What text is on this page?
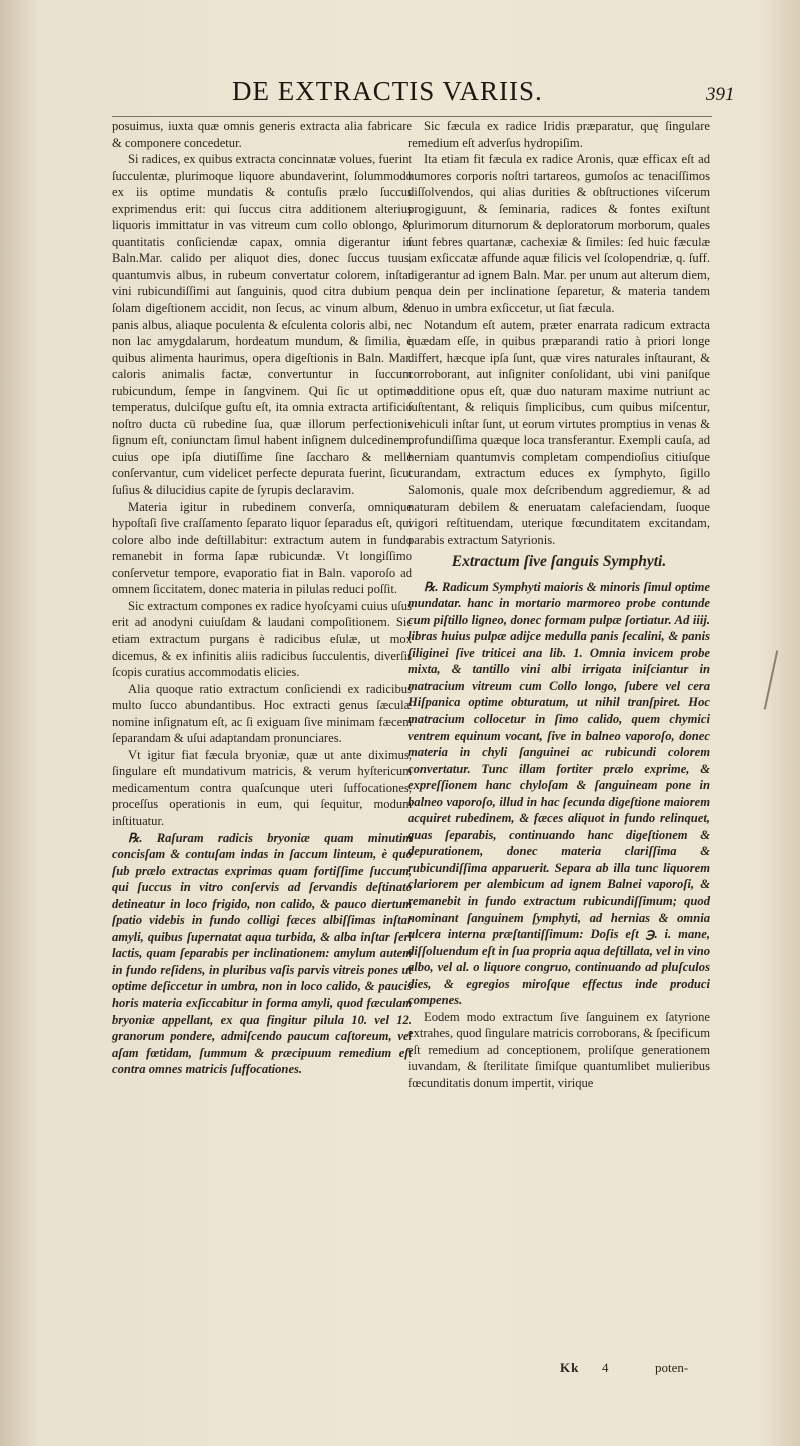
DE EXTRACTIS VARIIS.	391

posuimus, iuxta quæ omnis generis extracta alia fabricare & componere concedetur.

Si radices, ex quibus extracta concinnatæ volues, fuerint ſucculentæ, plurimoque liquore abundaverint, ſolummodo ex iis optime mundatis & contuſis prælo ſuccus exprimendus erit: qui ſuccus citra additionem alterius liquoris immittatur in vas vitreum cum collo oblongo, & quantitatis conſiciendæ capax, omnia digerantur in Baln.Mar. calido per aliquot dies, donec ſuccus tuus, quantumvis albus, in rubeum convertatur colorem, inſtar vini rubicundiſſimi aut ſanguinis, quod citra dubium per ſolam digeſtionem accidit, non ſecus, ac vinum album, & panis albus, aliaque poculenta & eſculenta coloris albi, nec non lac amygdalarum, hordeatum mundum, & ſimilia, è quibus alimenta haurimus, opera digeſtionis in Baln. Mar. caloris animalis factæ, convertuntur in ſuccum rubicundum, ſempe in ſangvinem. Qui ſic ut optime temperatus, dulciſque guſtu eſt, ita omnia extracta artificio noſtro ducta cū rubedine ſua, quæ illorum perfectionis ſignum eſt, coniunctam ſimul habent inſignem dulcedinem, cuius ope ipſa diutiſſime ſine ſaccharo & melle conſervantur, cum videlicet perfecte depurata fuerint, ſicut ſuſius & dilucidius capite de ſyrupis declaravim.

Materia igitur in rubedinem converſa, omnique hypoſtaſi ſive craſſamento ſeparato liquor ſeparadus eſt, qui colore albo inde deſtillabitur: extractum autem in fundo remanebit in forma ſapæ rubicundæ. Vt longiſſimo conſervetur tempore, evaporatio fiat in Baln. vaporoſo ad omnem ſiccitatem, donec materia in pilulas reduci poſſit.

Sic extractum compones ex radice hyoſcyami cuius uſus erit ad anodyni cuiuſdam & laudani compoſitionem. Sic etiam extractum purgans è radicibus eſulæ, ut mox dicemus, & ex infinitis aliis radicibus ſucculentis, diverſis ſcopis curatius accommodatis elicies.

Alia quoque ratio extractum conſiciendi ex radicibus multo ſucco abundantibus. Hoc extracti genus ſæculæ nomine inſignatum eſt, ac ſi exiguam ſive minimam fæcem ſeparandam & uſui adaptandam pronunciares.

Vt igitur fiat fæcula bryoniæ, quæ ut ante diximus, ſingulare eſt mundativum matricis, & verum hyſtericum medicamentum contra quaſcunque uteri ſuffocationes, proceſſus operationis in eum, qui ſequitur, modum inſtituatur.

℞. Raſuram radicis bryoniæ quam minutim concisſam & contuſam indas in ſaccum linteum, è quo ſub prælo extractas exprimas quam fortiſſime ſuccum, qui ſuccus in vitro conſervis ad ſervandis deſtinato detineatur in loco frigido, non calido, & pauco diertum ſpatio videbis in fundo colligi fæces albiſſimas inſtar amyli, quibus ſupernatat aqua turbida, & alba inſtar ſeri lactis, quam ſeparabis per inclinationem: amylum autem in fundo reſidens, in pluribus vaſis parvis vitreis pones ut optime deſiccetur in umbra, non in loco calido, & paucis horis materia exſiccabitur in forma amyli, quod fæculam bryoniæ appellant, ex qua fingitur pilula 10. vel 12. granorum pondere, admiſcendo paucum caſtoreum, vel aſam fœtidam, ſummum & præcipuum remedium eſt contra omnes matricis ſuffocationes.

Sic fæcula ex radice Iridis præparatur, quę ſingulare remedium eſt adverſus hydropiſim.

Ita etiam fit fæcula ex radice Aronis, quæ efficax eſt ad humores corporis noſtri tartareos, gumoſos ac tenaciſſimos diſſolvendos, qui alias durities & obſtructiones viſcerum progiguunt, & ſeminaria, radices & fontes exiſtunt plurimorum diturnorum & deploratorum morborum, quales ſunt febres quartanæ, cachexiæ & ſimiles: ſed huic fæculæ iam exſiccatæ affunde aquæ filicis vel ſcolopendriæ, q. ſuff. digerantur ad ignem Baln. Mar. per unum aut alterum diem, aqua dein per inclinatione ſeparetur, & materia tandem denuo in umbra exſiccetur, ut ſiat fæcula.

Notandum eſt autem, præter enarrata radicum extracta quædam eſſe, in quibus præparandi ratio à priori longe differt, hæcque ipſa ſunt, quæ vires naturales inſtaurant, & corroborant, aut inſigniter conſolidant, ubi vini paniſque additione opus eſt, quæ duo naturam maxime nutriunt ac ſuſtentant, & reliquis ſimplicibus, cum quibus miſcentur, vehiculi inſtar ſunt, ut eorum virtutes promptius in venas & profundiſſima quæque loca transferantur. Exempli cauſa, ad herniam quantumvis completam compendioſius citiuſque curandam, extractum educes ex ſymphyto, ſigillo Salomonis, quale mox deſcribendum aggrediemur, & ad naturam debilem & eneruatam calefaciendam, ſuoque vigori reſtituendam, uterique fœcunditatem excitandam, parabis extractum Satyrionis.

Extractum ſive ſanguis Symphyti.

℞. Radicum Symphyti maioris & minoris ſimul optime mundatar. hanc in mortario marmoreo probe contunde cum piſtillo ligneo, donec formam pulpæ ſortiatur. Ad iiij. libras huius pulpæ adijce medulla panis ſecalini, & panis ſiliginei ſive triticei ana lib. 1. Omnia invicem probe mixta, & tantillo vini albi irrigata iniſciantur in matracium vitreum cum Collo longo, ſubere vel cera Hiſpanica optime obturatum, ut nihil tranſpiret. Hoc matracium collocetur in ſimo calido, quem chymici ventrem equinum vocant, ſive in balneo vaporoſo, donec materia in chyli ſanguinei ac rubicundi colorem convertatur. Tunc illam fortiter prælo exprime, & expreſſionem hanc chyloſam & ſanguineam pone in balneo vaporoſo, illud in hac ſecunda digeſtione maiorem acquiret rubedinem, & fæces aliquot in fundo relinquet, quas ſeparabis, continuando hanc digeſtionem & depurationem, donec materia clariſſima & rubicundiſſima apparuerit. Separa ab illa tunc liquorem clariorem per alembicum ad ignem Balnei vaporoſi, & remanebit in fundo extractum rubicundiſſimum; quod nominant ſanguinem ſymphyti, ad hernias & omnia ulcera interna præſtantiſſimum: Doſis eſt ℈. i. mane, diſſoluendum eſt in ſua propria aqua deſtillata, vel in vino albo, vel al. o liquore congruo, continuando ad pluſculos dies, & egregios miroſque effectus inde produci compenes.

Eodem modo extractum ſive ſanguinem ex ſatyrione extrahes, quod ſingulare matricis corroborans, & ſpecificum eſt remedium ad conceptionem, proliſque generationem iuvandam, & ſterilitate ſimiſque quantumlibet mulieribus fœcunditatis donum impertit, virique

Kk 4	poten-
